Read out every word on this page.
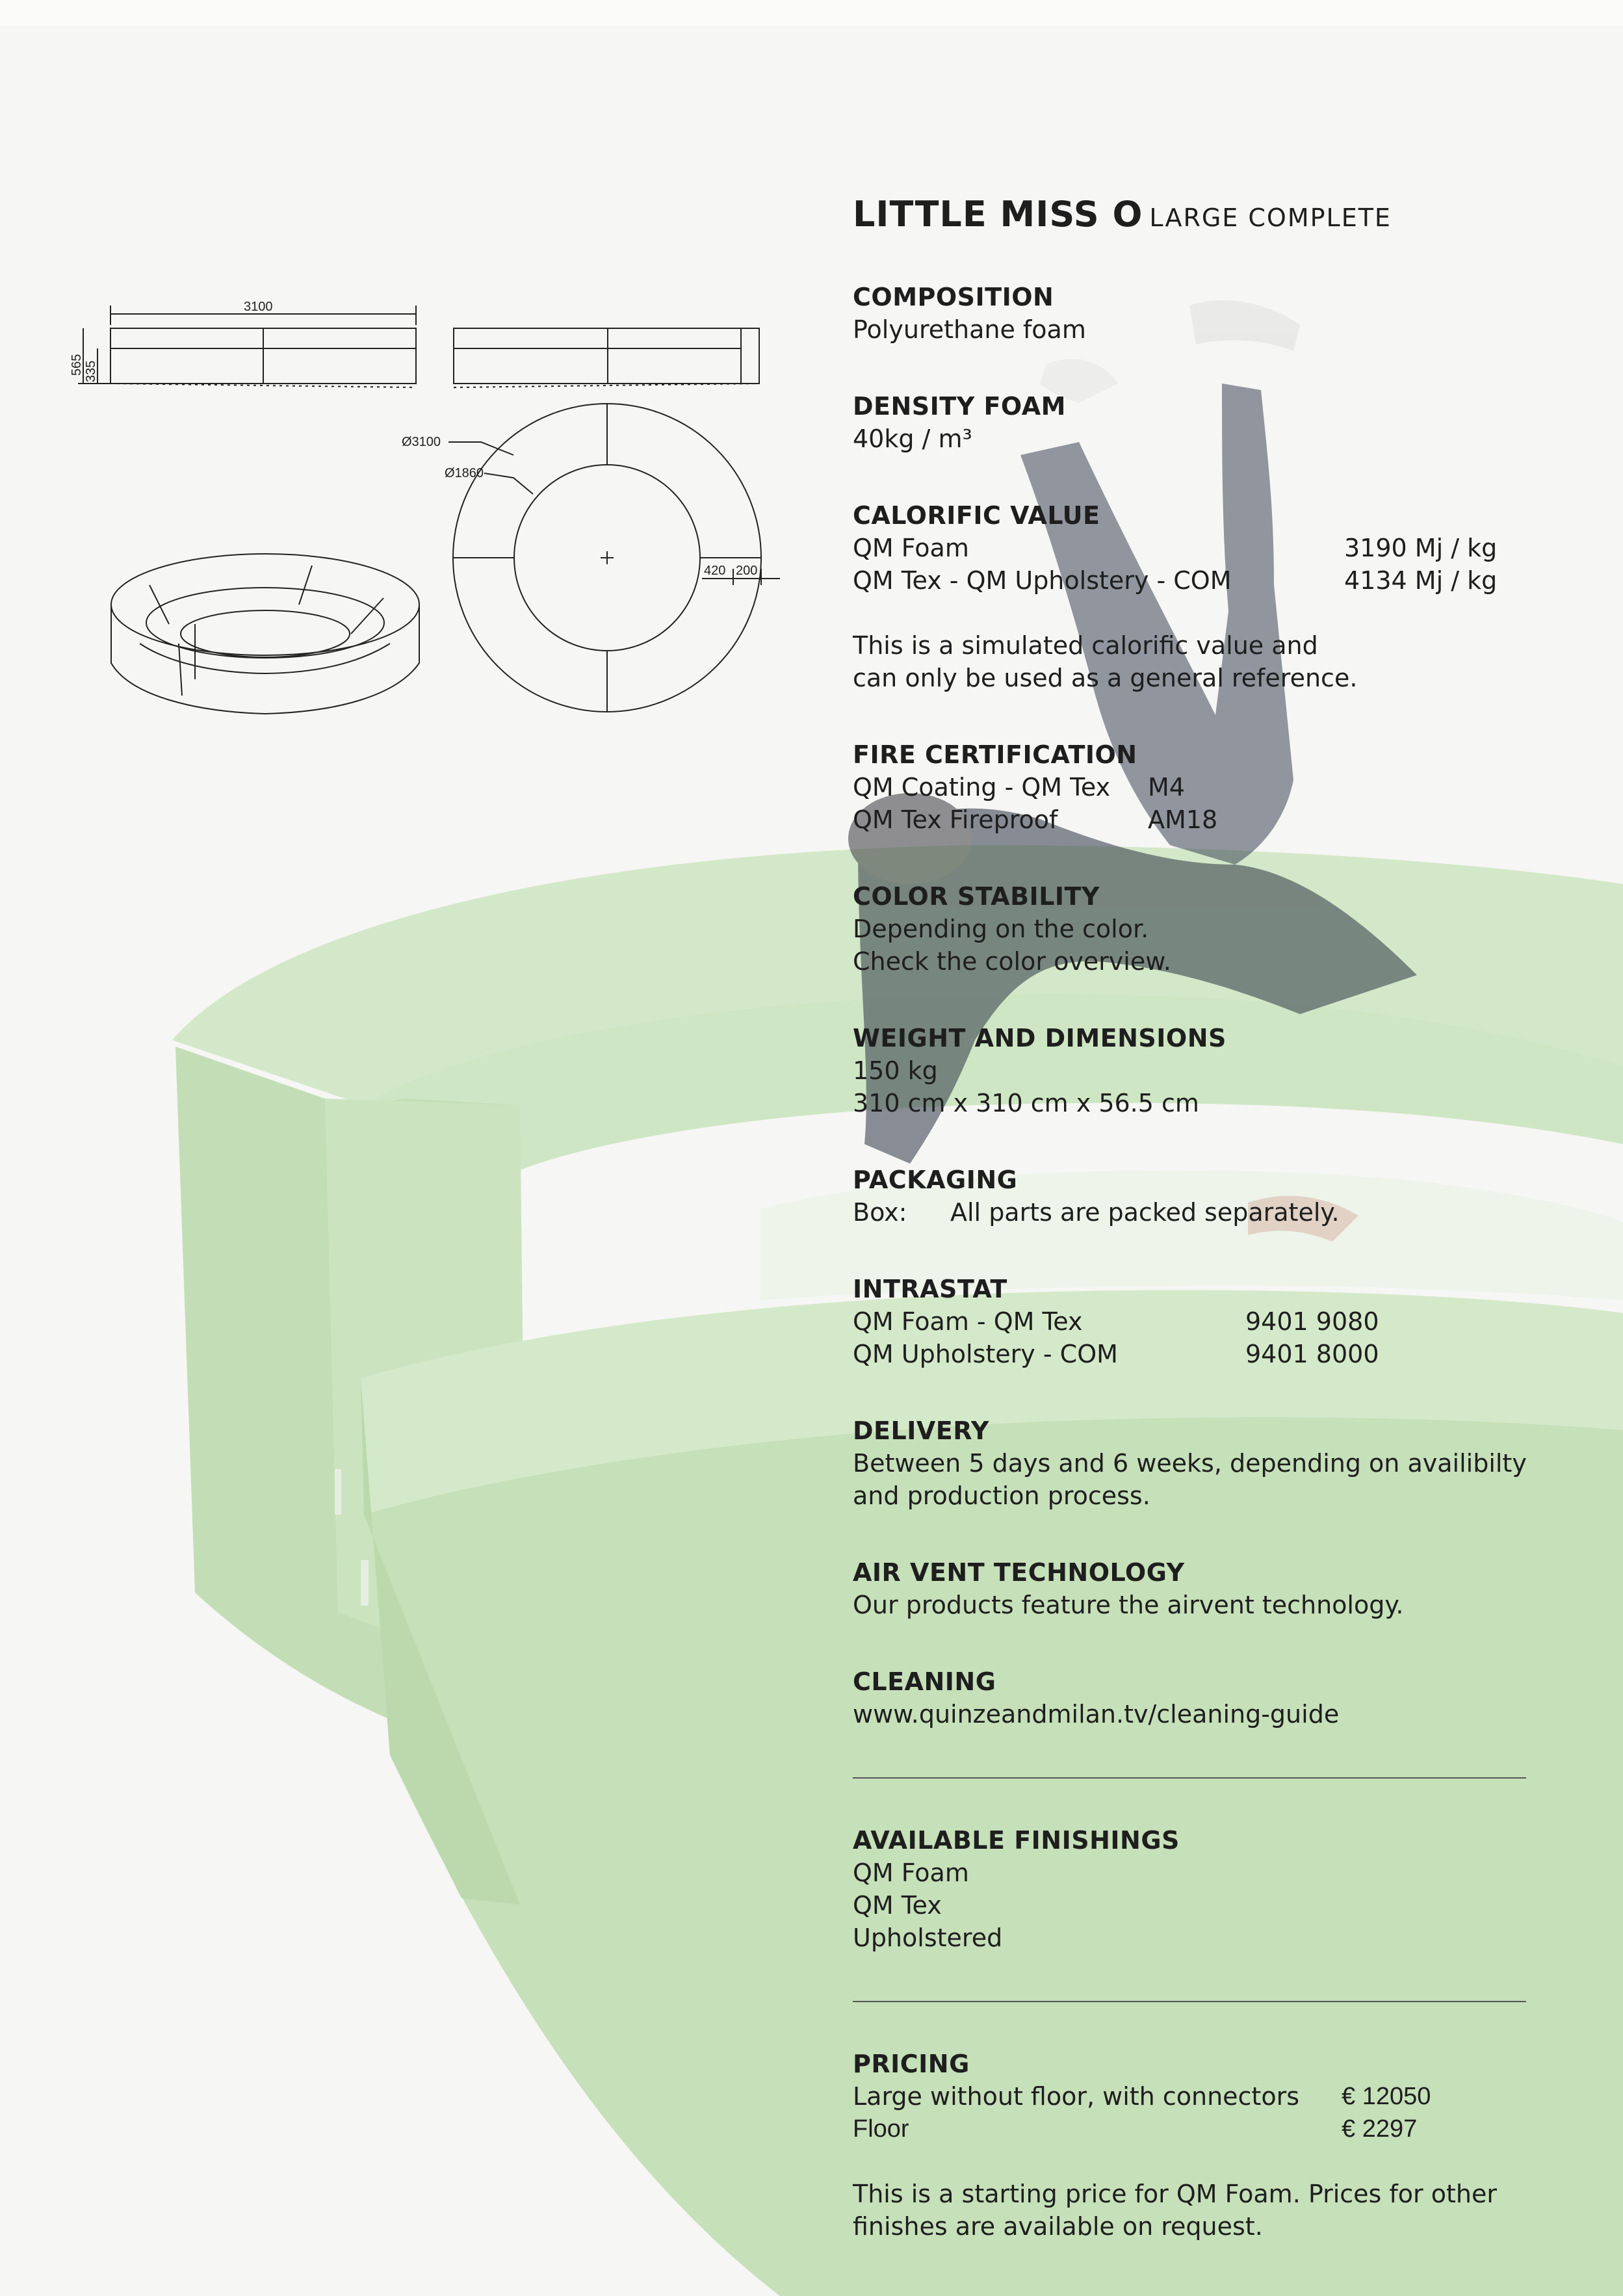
3100
565 335
Ø3100
Ø1860
420 200
LITTLE MISS O LARGE COMPLETE
COMPOSITION
Polyurethane foam
DENSITY FOAM
40kg / m³
CALORIFIC VALUE
QM Foam	3190 Mj / kg
QM Tex - QM Upholstery - COM	4134 Mj / kg
This is a simulated calorific value and
can only be used as a general reference.
FIRE CERTIFICATION
QM Coating - QM Tex	M4
QM Tex Fireproof	AM18
COLOR STABILITY
Depending on the color.
Check the color overview.
WEIGHT AND DIMENSIONS
150 kg
310 cm x 310 cm x 56.5 cm
PACKAGING
Box:	All parts are packed separately.
INTRASTAT
QM Foam - QM Tex	9401 9080
QM Upholstery - COM	9401 8000
DELIVERY
Between 5 days and 6 weeks, depending on availibilty
and production process.
AIR VENT TECHNOLOGY
Our products feature the airvent technology.
CLEANING
www.quinzeandmilan.tv/cleaning-guide
AVAILABLE FINISHINGS
QM Foam
QM Tex
Upholstered
PRICING
Large without floor, with connectors	€ 12050
Floor	€ 2297
This is a starting price for QM Foam. Prices for other
finishes are available on request.
